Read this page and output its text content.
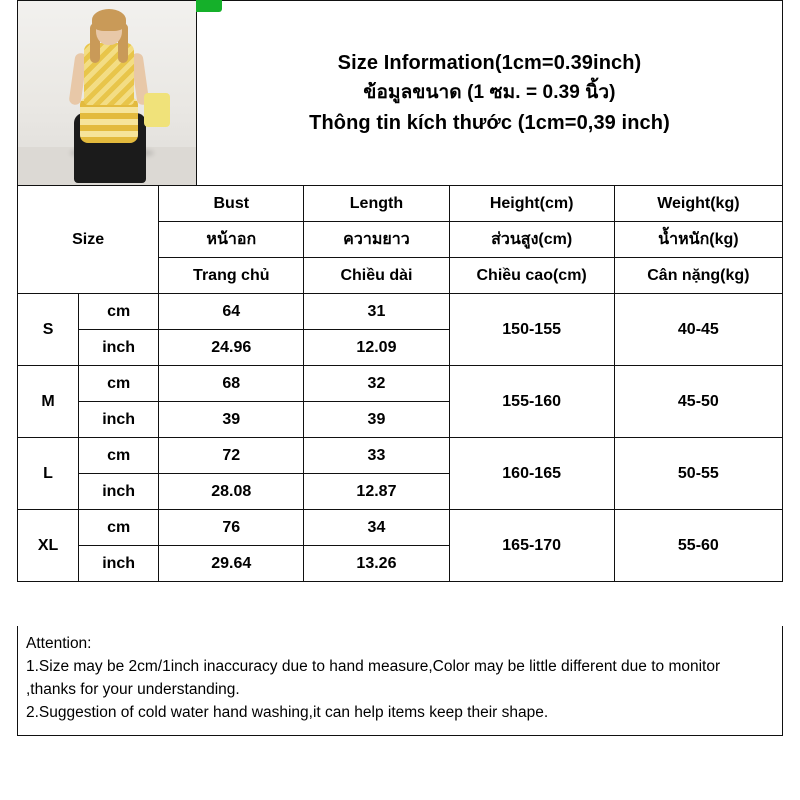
Size Information(1cm=0.39inch)
ข้อมูลขนาด (1 ซม. = 0.39 นิ้ว)
Thông tin kích thước (1cm=0,39 inch)
Size		Bust	Length	Height(cm)	Weight(kg)
		หน้าอก	ความยาว	ส่วนสูง(cm)	น้ำหนัก(kg)
		Trang chủ	Chiều dài	Chiều cao(cm)	Cân nặng(kg)
S	cm	64	31	150-155	40-45
	inch	24.96	12.09		
M	cm	68	32	155-160	45-50
	inch	39	39		
L	cm	72	33	160-165	50-55
	inch	28.08	12.87		
XL	cm	76	34	165-170	55-60
	inch	29.64	13.26		
Attention:
1.Size may be 2cm/1inch inaccuracy due to hand measure,Color may be little different due to monitor ,thanks for your understanding.
2.Suggestion of cold water hand washing,it can help items keep their shape.
